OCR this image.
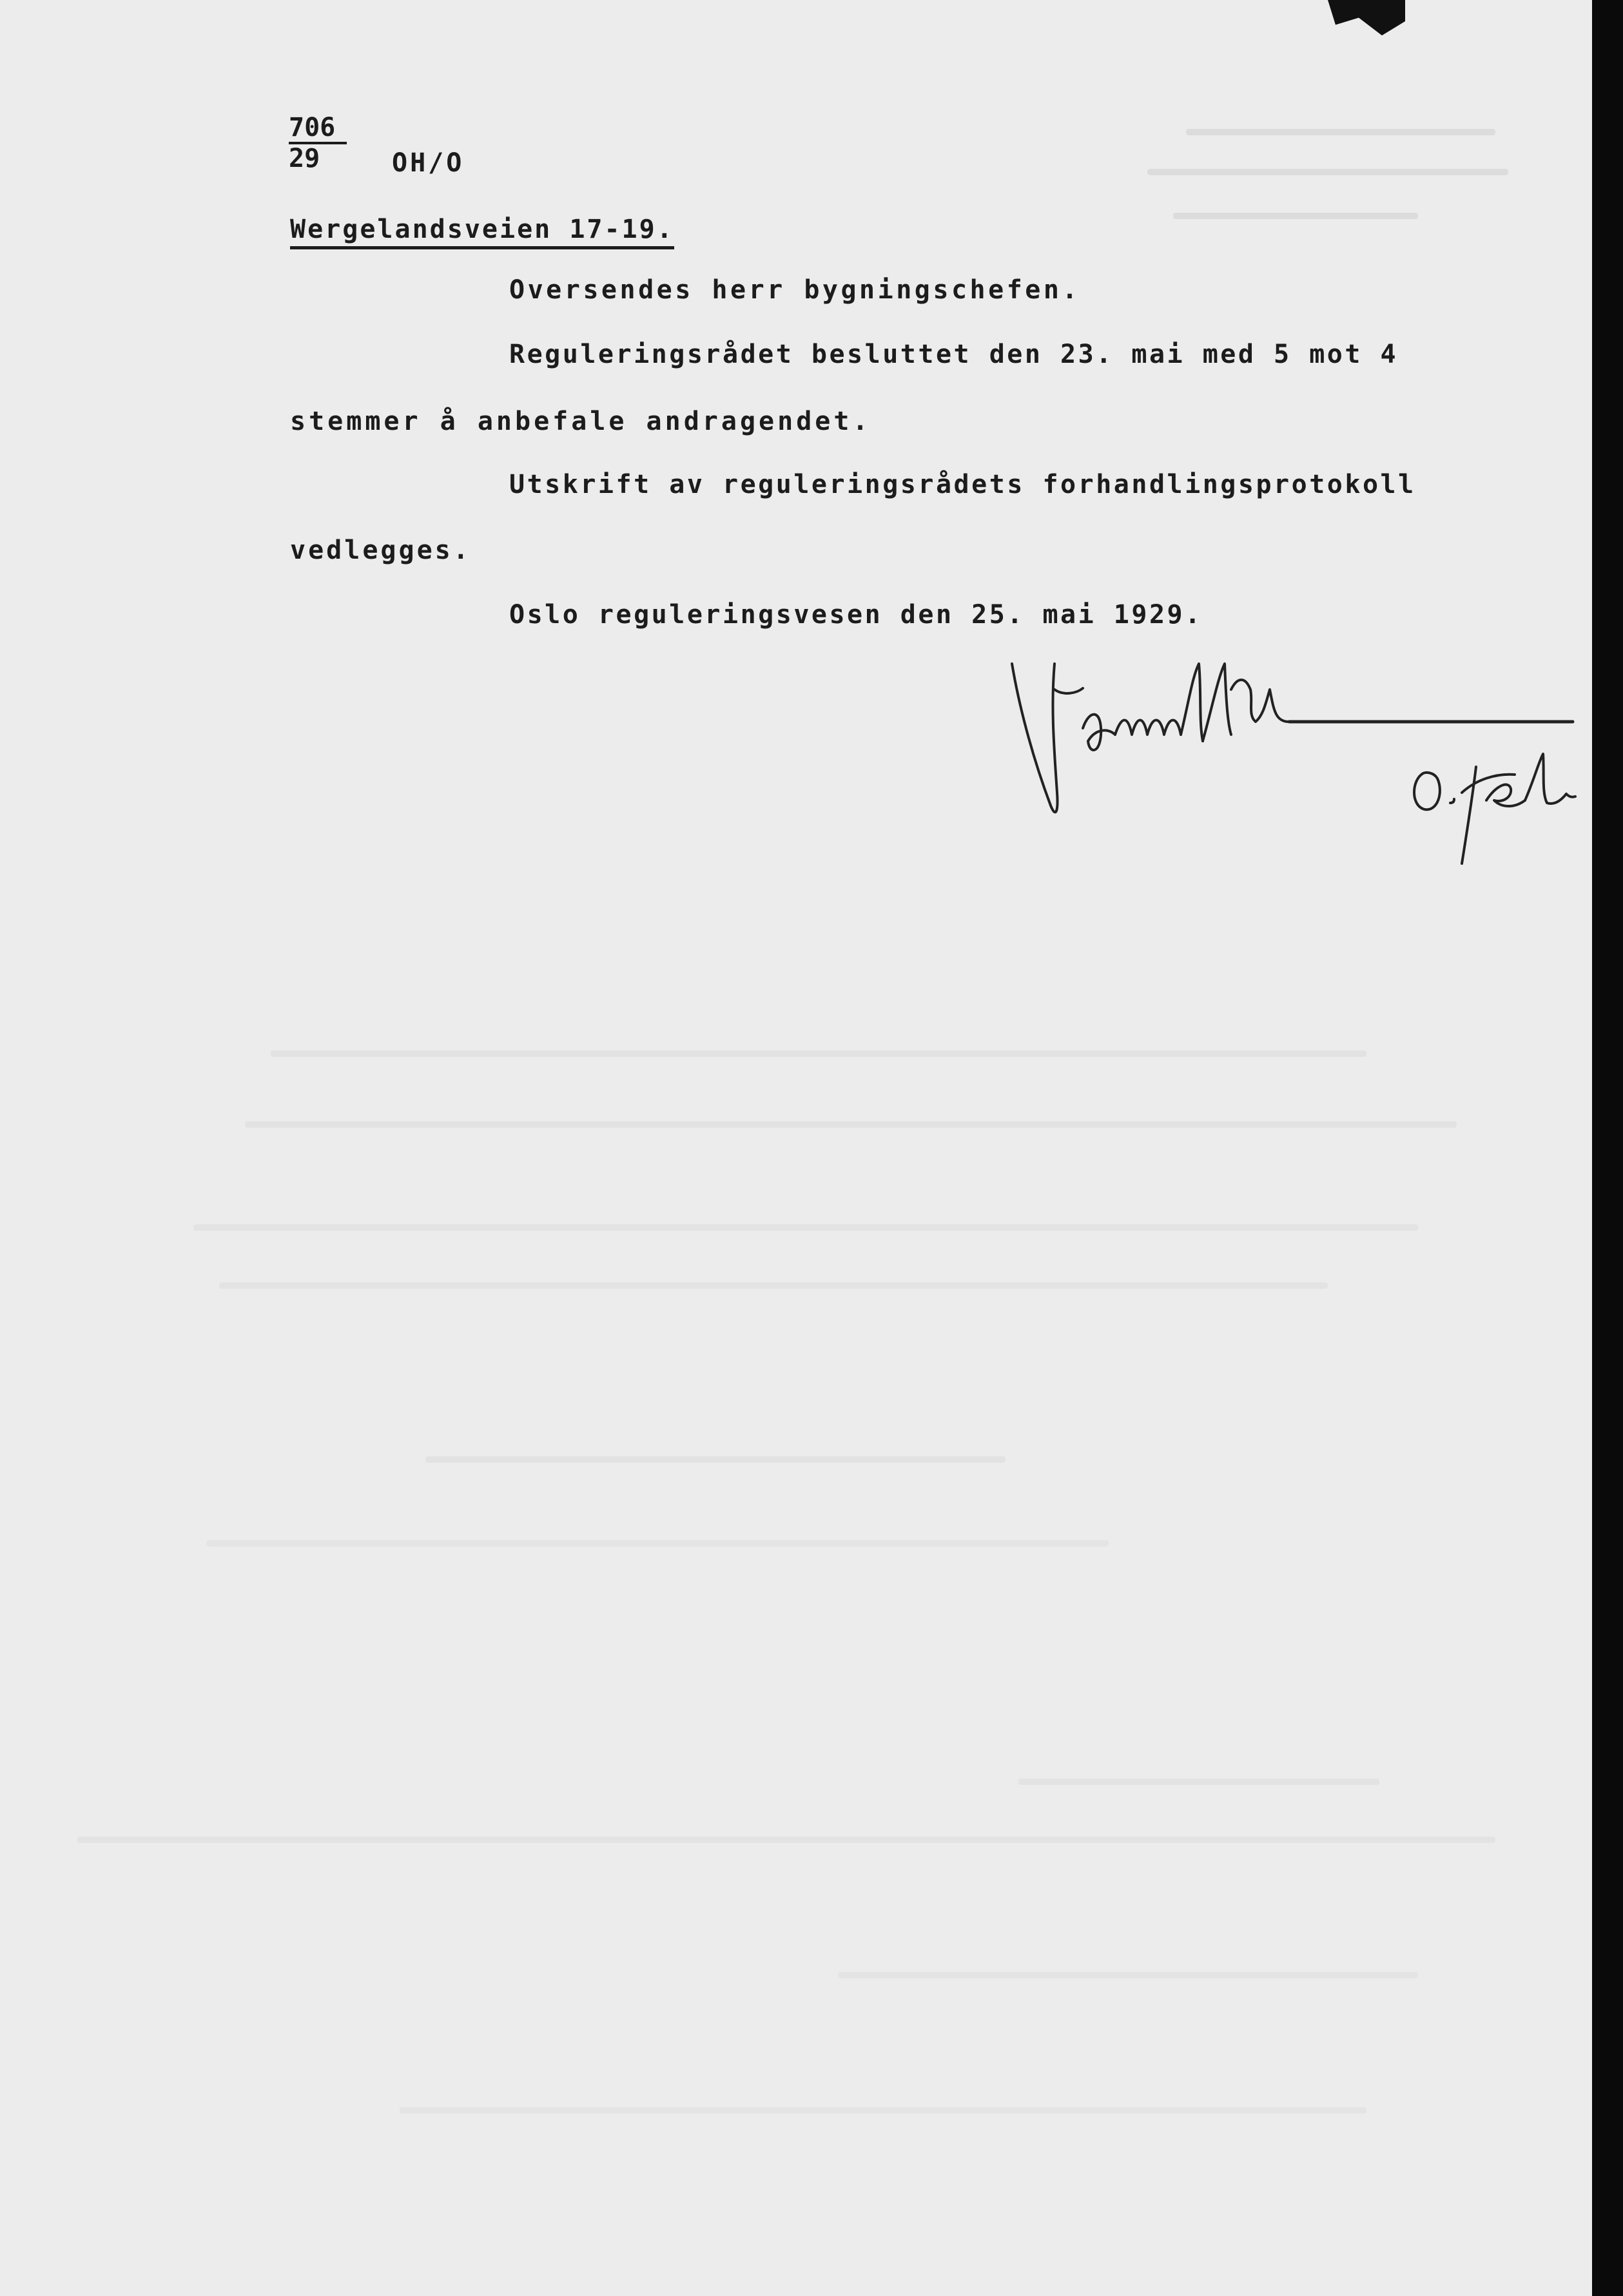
$\frac{706}{29} OH/O$
Wergelandsveien 17-19.
Oversendes herr bygningschefen.
Reguleringsrådet besluttet den 23. mai med 5 mot 4
stemmer å anbefale andragendet.
Utskrift av reguleringsrådets forhandlingsprotokoll
vedlegges.
Oslo reguleringsvesen den 25. mai 1929.
